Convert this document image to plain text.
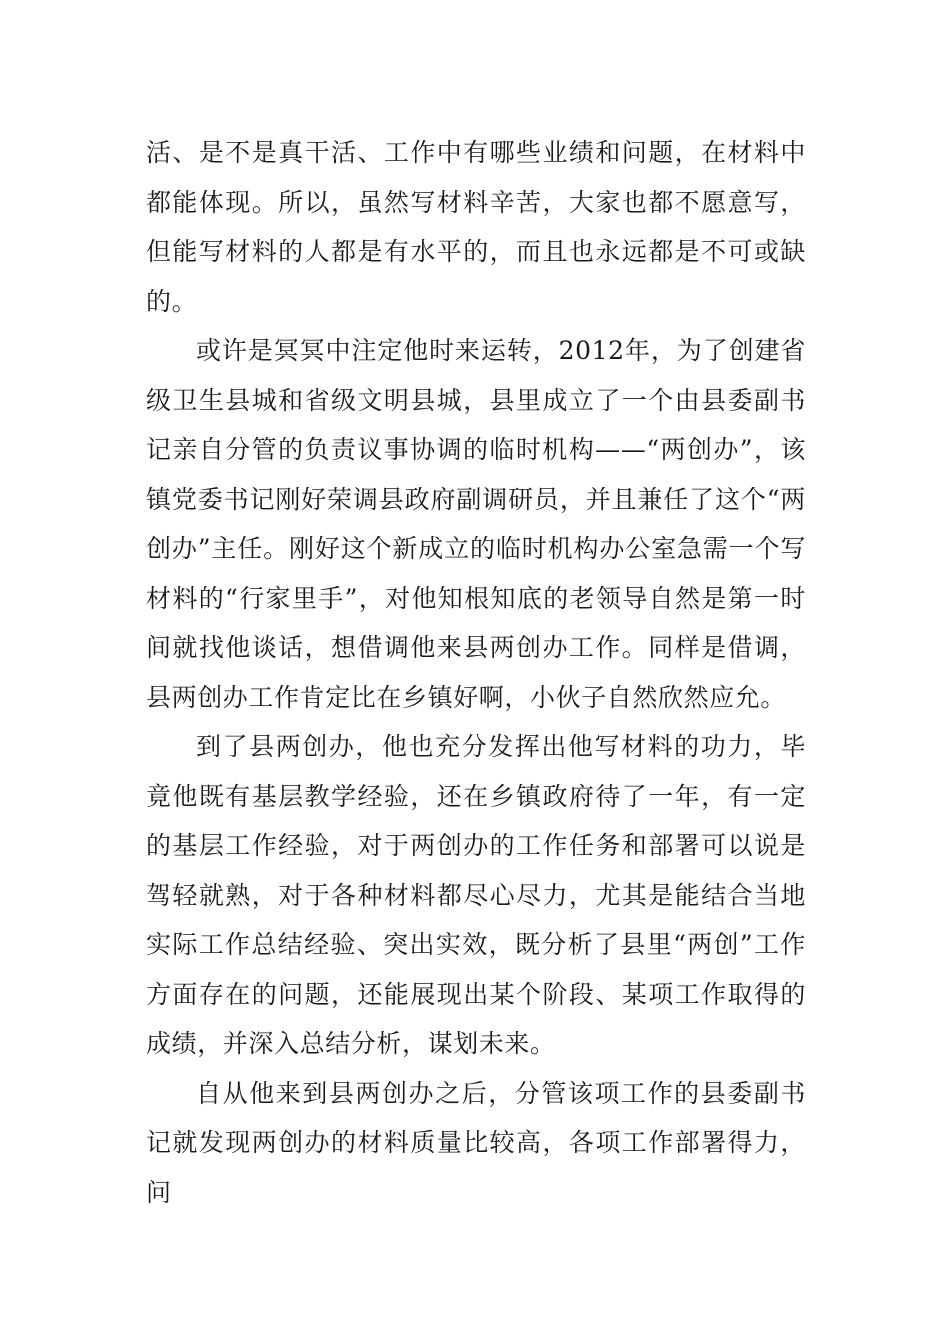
活、是不是真干活、工作中有哪些业绩和问题，在材料中都能体现。所以，虽然写材料辛苦，大家也都不愿意写，但能写材料的人都是有水平的，而且也永远都是不可或缺的。

或许是冥冥中注定他时来运转，2012年，为了创建省级卫生县城和省级文明县城，县里成立了一个由县委副书记亲自分管的负责议事协调的临时机构——“两创办”，该镇党委书记刚好荣调县政府副调研员，并且兼任了这个“两创办”主任。刚好这个新成立的临时机构办公室急需一个写材料的“行家里手”，对他知根知底的老领导自然是第一时间就找他谈话，想借调他来县两创办工作。同样是借调，县两创办工作肯定比在乡镇好啊，小伙子自然欣然应允。

到了县两创办，他也充分发挥出他写材料的功力，毕竟他既有基层教学经验，还在乡镇政府待了一年，有一定的基层工作经验，对于两创办的工作任务和部署可以说是驾轻就熟，对于各种材料都尽心尽力，尤其是能结合当地实际工作总结经验、突出实效，既分析了县里“两创”工作方面存在的问题，还能展现出某个阶段、某项工作取得的成绩，并深入总结分析，谋划未来。

自从他来到县两创办之后，分管该项工作的县委副书记就发现两创办的材料质量比较高，各项工作部署得力，问
